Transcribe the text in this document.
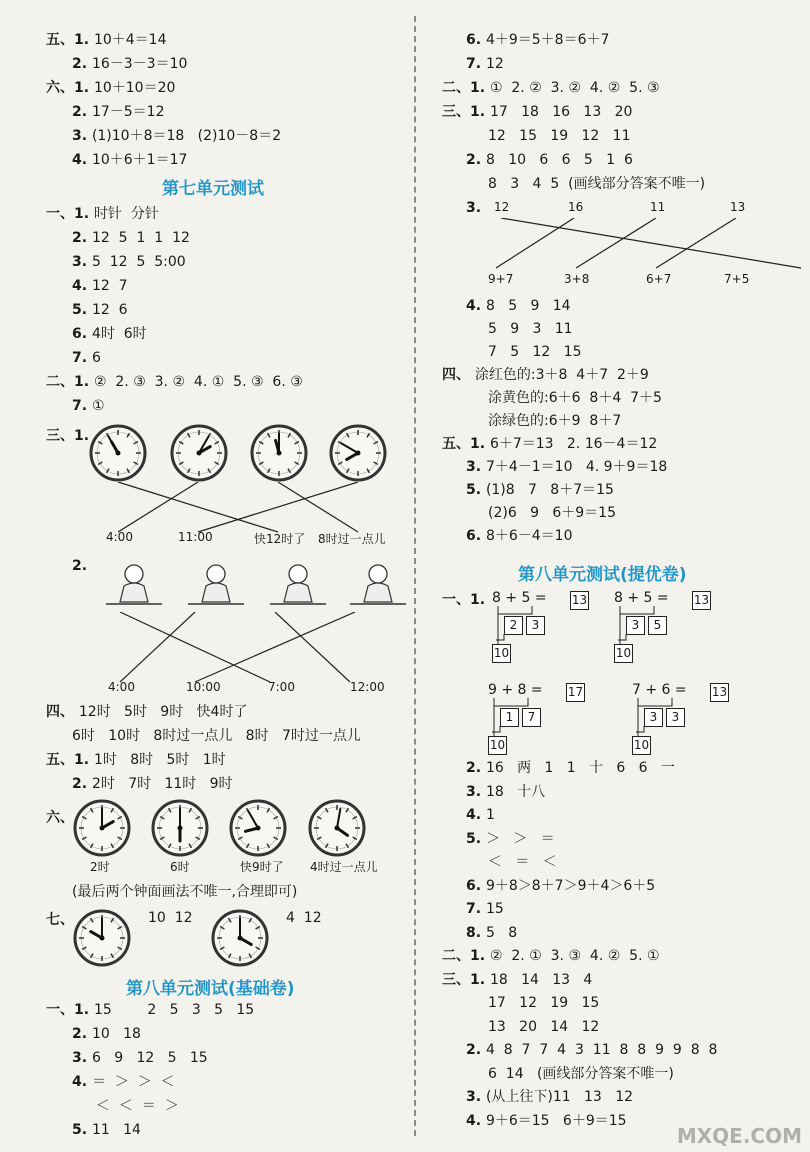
五、1. 10＋4＝14
2. 16－3－3＝10
六、1. 10＋10＝20
2. 17－5＝12
3. (1)10＋8＝18   (2)10－8＝2
4. 10＋6＋1＝17
第七单元测试
一、1. 时针  分针
2. 12  5  1  1  12
3. 5  12  5  5:00
4. 12  7
5. 12  6
6. 4时  6时
7. 6
二、1. ②  2. ③  3. ②  4. ①  5. ③  6. ③
7. ①
三、1.
4:00	11:00	快12时了 8时过一点儿
2.
4:00	10:00	7:00	12:00
四、 12时   5时   9时   快4时了
6时   10时   8时过一点儿   8时   7时过一点儿
五、1. 1时   8时   5时   1时
2. 2时   7时   11时   9时
六、
2时	6时	快9时了 4时过一点儿
(最后两个钟面画法不唯一,合理即可)
七、	10  12	4  12
第八单元测试(基础卷)
一、1. 15        2   5   3   5   15
2. 10   18
3. 6   9   12   5   15
4. ＝  ＞  ＞  ＜
＜  ＜  ＝  ＞
5. 11   14
6. 4＋9＝5＋8＝6＋7
7. 12
二、1. ①  2. ②  3. ②  4. ②  5. ③
三、1. 17   18   16   13   20
12   15   19   12   11
2. 8   10   6   6   5   1  6
8   3   4  5  (画线部分答案不唯一)
3. 12	16	11	13
9+7	3+8	6+7	7+5
4. 8   5   9   14
5   9   3   11
7   5   12   15
四、 涂红色的:3＋8  4＋7  2＋9
涂黄色的:6＋6  8＋4  7＋5
涂绿色的:6＋9  8＋7
五、1. 6＋7＝13   2. 16－4＝12
3. 7＋4－1＝10   4. 9＋9＝18
5. (1)8   7   8＋7＝15
(2)6   9   6＋9＝15
6. 8＋6－4＝10
第八单元测试(提优卷)
一、1. 8 + 5 = 13
2	3
10
8 + 5 = 13
3	5
10
9 + 8 = 17
1	7
10
7 + 6 = 13
3	3
10
2. 16   两   1   1   十   6   6   一
3. 18   十八
4. 1
5. ＞   ＞   ＝
＜   ＝   ＜
6. 9＋8＞8＋7＞9＋4＞6＋5
7. 15
8. 5   8
二、1. ②  2. ①  3. ③  4. ②  5. ①
三、1. 18   14   13   4
17   12   19   15
13   20   14   12
2. 4  8  7  7  4  3  11  8  8  9  9  8  8
6  14   (画线部分答案不唯一)
3. (从上往下)11   13   12
4. 9＋6＝15   6＋9＝15
MXQE.COM
